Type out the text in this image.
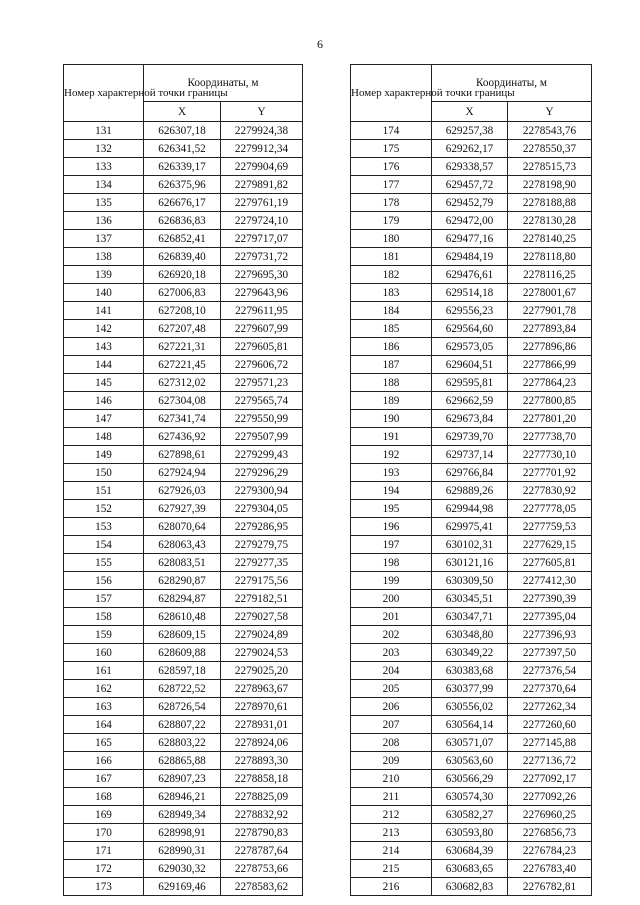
6
Номер характерной точки границы	Координаты, м	
	X	Y
131	626307,18	2279924,38
132	626341,52	2279912,34
133	626339,17	2279904,69
134	626375,96	2279891,82
135	626676,17	2279761,19
136	626836,83	2279724,10
137	626852,41	2279717,07
138	626839,40	2279731,72
139	626920,18	2279695,30
140	627006,83	2279643,96
141	627208,10	2279611,95
142	627207,48	2279607,99
143	627221,31	2279605,81
144	627221,45	2279606,72
145	627312,02	2279571,23
146	627304,08	2279565,74
147	627341,74	2279550,99
148	627436,92	2279507,99
149	627898,61	2279299,43
150	627924,94	2279296,29
151	627926,03	2279300,94
152	627927,39	2279304,05
153	628070,64	2279286,95
154	628063,43	2279279,75
155	628083,51	2279277,35
156	628290,87	2279175,56
157	628294,87	2279182,51
158	628610,48	2279027,58
159	628609,15	2279024,89
160	628609,88	2279024,53
161	628597,18	2279025,20
162	628722,52	2278963,67
163	628726,54	2278970,61
164	628807,22	2278931,01
165	628803,22	2278924,06
166	628865,88	2278893,30
167	628907,23	2278858,18
168	628946,21	2278825,09
169	628949,34	2278832,92
170	628998,91	2278790,83
171	628990,31	2278787,64
172	629030,32	2278753,66
173	629169,46	2278583,62
Номер характерной точки границы	Координаты, м	
	X	Y
174	629257,38	2278543,76
175	629262,17	2278550,37
176	629338,57	2278515,73
177	629457,72	2278198,90
178	629452,79	2278188,88
179	629472,00	2278130,28
180	629477,16	2278140,25
181	629484,19	2278118,80
182	629476,61	2278116,25
183	629514,18	2278001,67
184	629556,23	2277901,78
185	629564,60	2277893,84
186	629573,05	2277896,86
187	629604,51	2277866,99
188	629595,81	2277864,23
189	629662,59	2277800,85
190	629673,84	2277801,20
191	629739,70	2277738,70
192	629737,14	2277730,10
193	629766,84	2277701,92
194	629889,26	2277830,92
195	629944,98	2277778,05
196	629975,41	2277759,53
197	630102,31	2277629,15
198	630121,16	2277605,81
199	630309,50	2277412,30
200	630345,51	2277390,39
201	630347,71	2277395,04
202	630348,80	2277396,93
203	630349,22	2277397,50
204	630383,68	2277376,54
205	630377,99	2277370,64
206	630556,02	2277262,34
207	630564,14	2277260,60
208	630571,07	2277145,88
209	630563,60	2277136,72
210	630566,29	2277092,17
211	630574,30	2277092,26
212	630582,27	2276960,25
213	630593,80	2276856,73
214	630684,39	2276784,23
215	630683,65	2276783,40
216	630682,83	2276782,81
